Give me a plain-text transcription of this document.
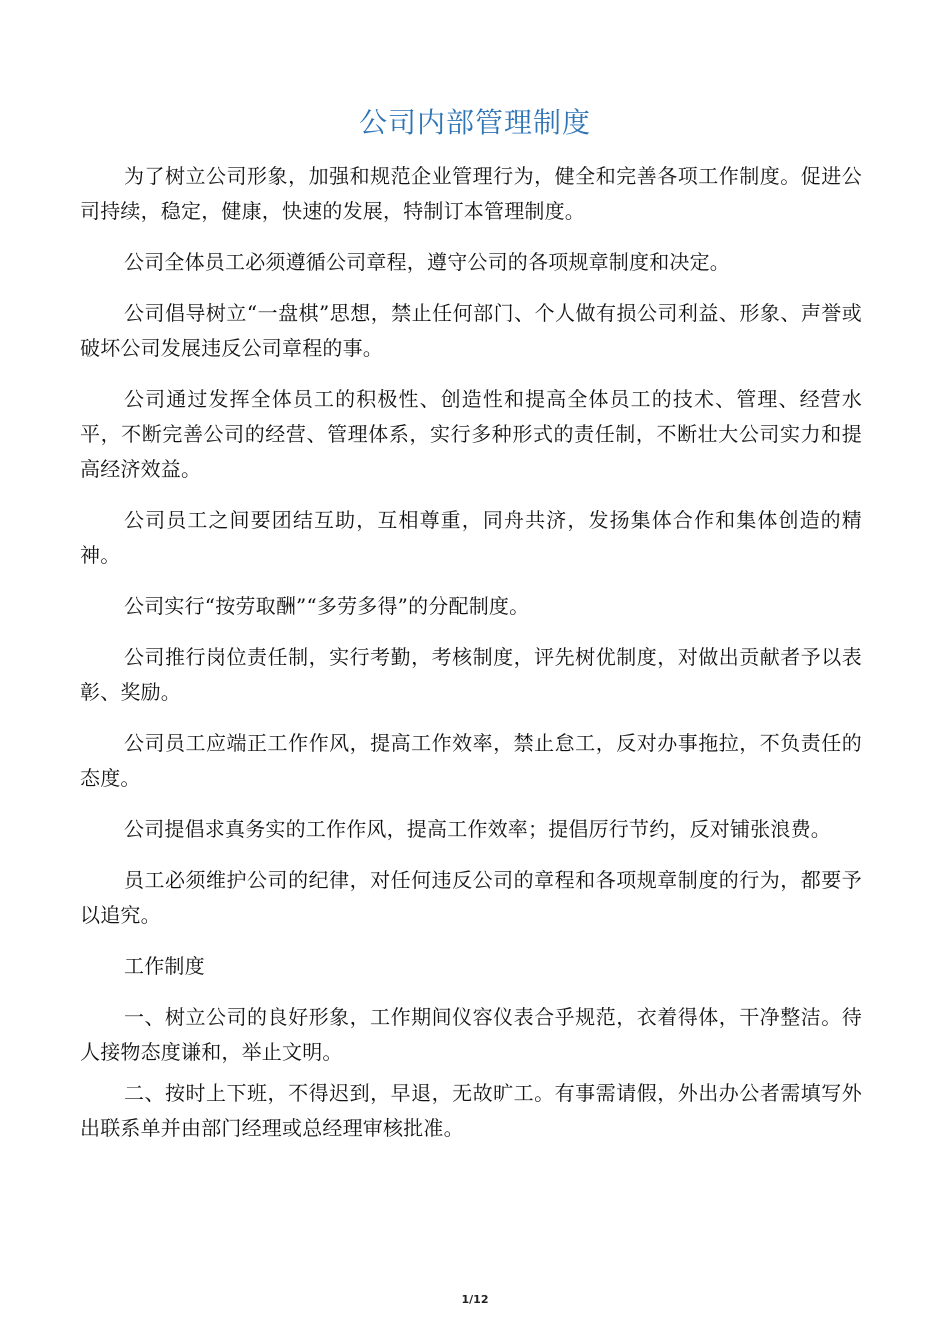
公司内部管理制度

为了树立公司形象，加强和规范企业管理行为，健全和完善各项工作制度。促进公司持续，稳定，健康，快速的发展，特制订本管理制度。

公司全体员工必须遵循公司章程，遵守公司的各项规章制度和决定。

公司倡导树立“一盘棋”思想，禁止任何部门、个人做有损公司利益、形象、声誉或破坏公司发展违反公司章程的事。

公司通过发挥全体员工的积极性、创造性和提高全体员工的技术、管理、经营水平，不断完善公司的经营、管理体系，实行多种形式的责任制，不断壮大公司实力和提高经济效益。

公司员工之间要团结互助，互相尊重，同舟共济，发扬集体合作和集体创造的精神。

公司实行“按劳取酬”“多劳多得”的分配制度。

公司推行岗位责任制，实行考勤，考核制度，评先树优制度，对做出贡献者予以表彰、奖励。

公司员工应端正工作作风，提高工作效率，禁止怠工，反对办事拖拉，不负责任的态度。

公司提倡求真务实的工作作风，提高工作效率；提倡厉行节约，反对铺张浪费。

员工必须维护公司的纪律，对任何违反公司的章程和各项规章制度的行为，都要予以追究。

工作制度

一、树立公司的良好形象，工作期间仪容仪表合乎规范，衣着得体，干净整洁。待人接物态度谦和，举止文明。

二、按时上下班，不得迟到，早退，无故旷工。有事需请假，外出办公者需填写外出联系单并由部门经理或总经理审核批准。

1/12
